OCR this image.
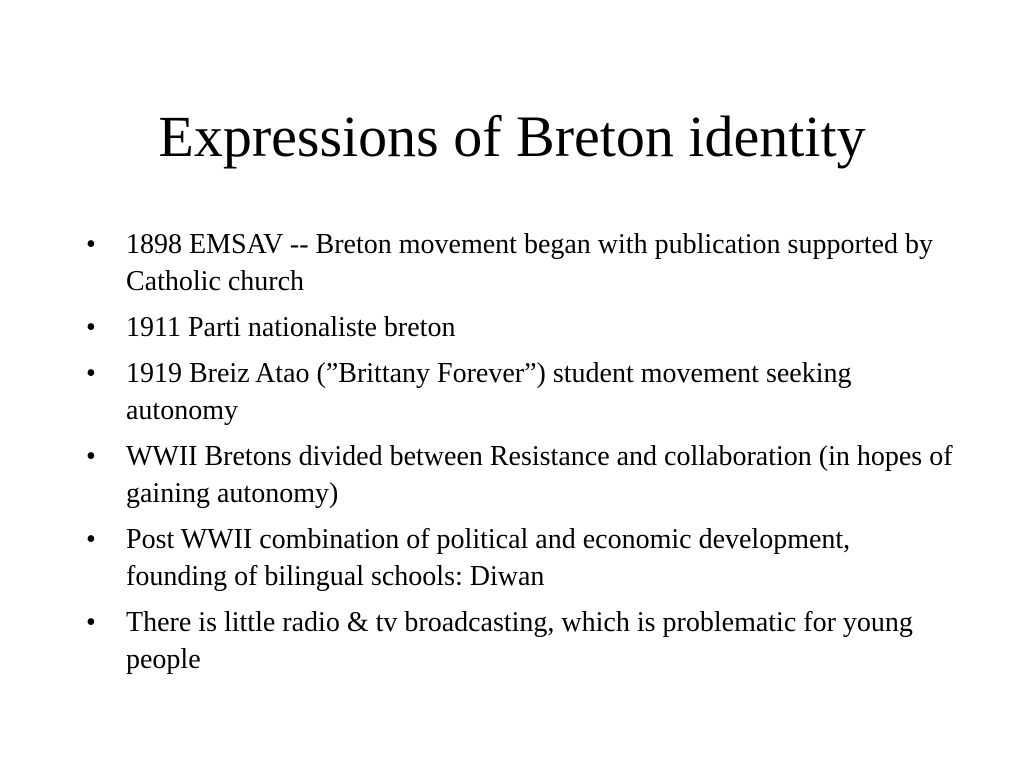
Expressions of Breton identity
•	1898 EMSAV -- Breton movement began with publication supported by Catholic church
•	1911 Parti nationaliste breton
•	1919 Breiz Atao (”Brittany Forever”) student movement seeking autonomy
•	WWII Bretons divided between Resistance and collaboration (in hopes of gaining autonomy)
•	Post WWII combination of political and economic development, founding of bilingual schools: Diwan
•	There is little radio & tv broadcasting, which is problematic for young people
